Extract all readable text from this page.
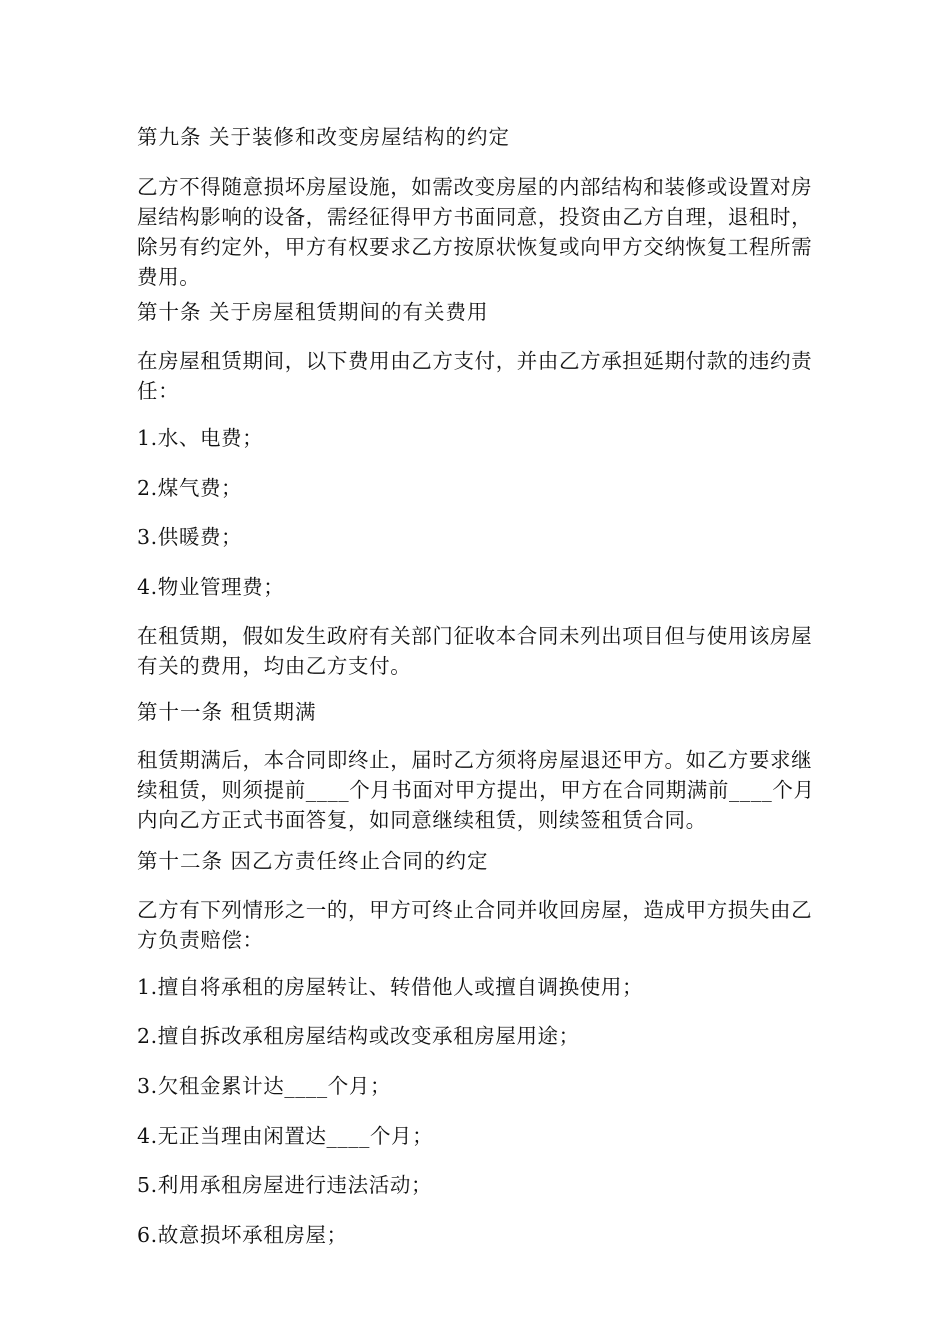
第九条 关于装修和改变房屋结构的约定

乙方不得随意损坏房屋设施，如需改变房屋的内部结构和装修或设置对房屋结构影响的设备，需经征得甲方书面同意，投资由乙方自理，退租时，除另有约定外，甲方有权要求乙方按原状恢复或向甲方交纳恢复工程所需费用。

第十条 关于房屋租赁期间的有关费用

在房屋租赁期间，以下费用由乙方支付，并由乙方承担延期付款的违约责任：

1.水、电费；

2.煤气费；

3.供暖费；

4.物业管理费；

在租赁期，假如发生政府有关部门征收本合同未列出项目但与使用该房屋有关的费用，均由乙方支付。

第十一条 租赁期满

租赁期满后，本合同即终止，届时乙方须将房屋退还甲方。如乙方要求继续租赁，则须提前____个月书面对甲方提出，甲方在合同期满前____个月内向乙方正式书面答复，如同意继续租赁，则续签租赁合同。

第十二条 因乙方责任终止合同的约定

乙方有下列情形之一的，甲方可终止合同并收回房屋，造成甲方损失由乙方负责赔偿：

1.擅自将承租的房屋转让、转借他人或擅自调换使用；

2.擅自拆改承租房屋结构或改变承租房屋用途；

3.欠租金累计达____个月；

4.无正当理由闲置达____个月；

5.利用承租房屋进行违法活动；

6.故意损坏承租房屋；
